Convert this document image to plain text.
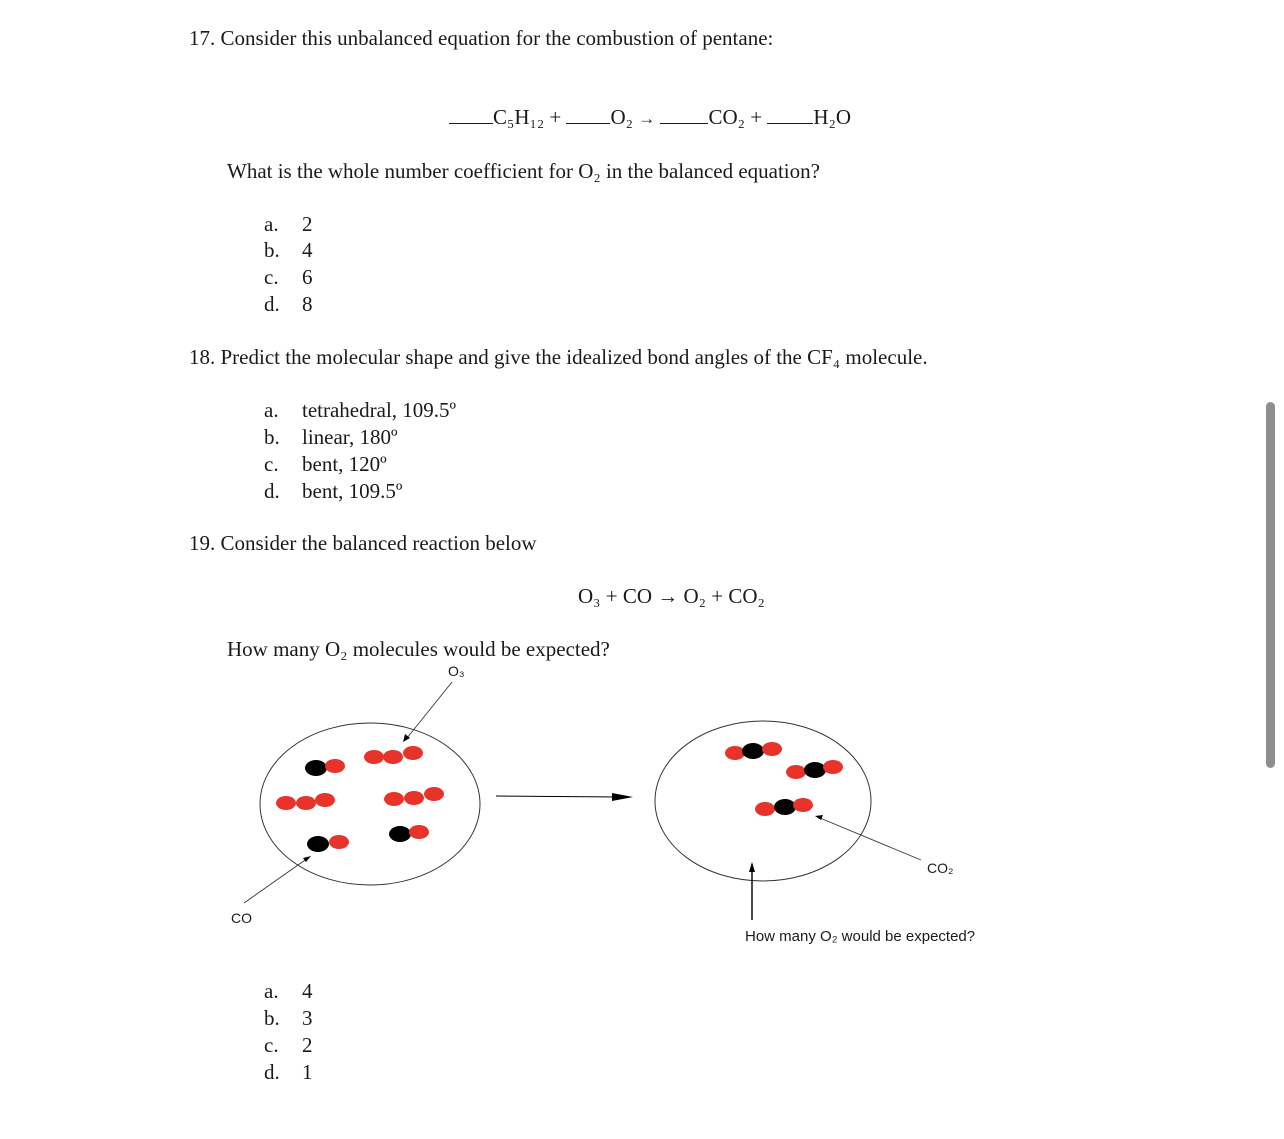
17. Consider this unbalanced equation for the combustion of pentane:
C₅H₁₂ + O₂ →	CO₂ + H₂O
What is the whole number coefficient for O₂ in the balanced equation?
a. 2
b. 4
c. 6
d. 8
18. Predict the molecular shape and give the idealized bond angles of the CF₄ molecule.
a. tetrahedral, 109.5º
b. linear, 180º
c. bent, 120º
d. bent, 109.5º
19. Consider the balanced reaction below
O₃ + CO → O₂ + CO₂
How many O₂ molecules would be expected?
O₃
CO
CO₂
How many O₂ would be expected?
a. 4
b. 3
c. 2
d. 1
